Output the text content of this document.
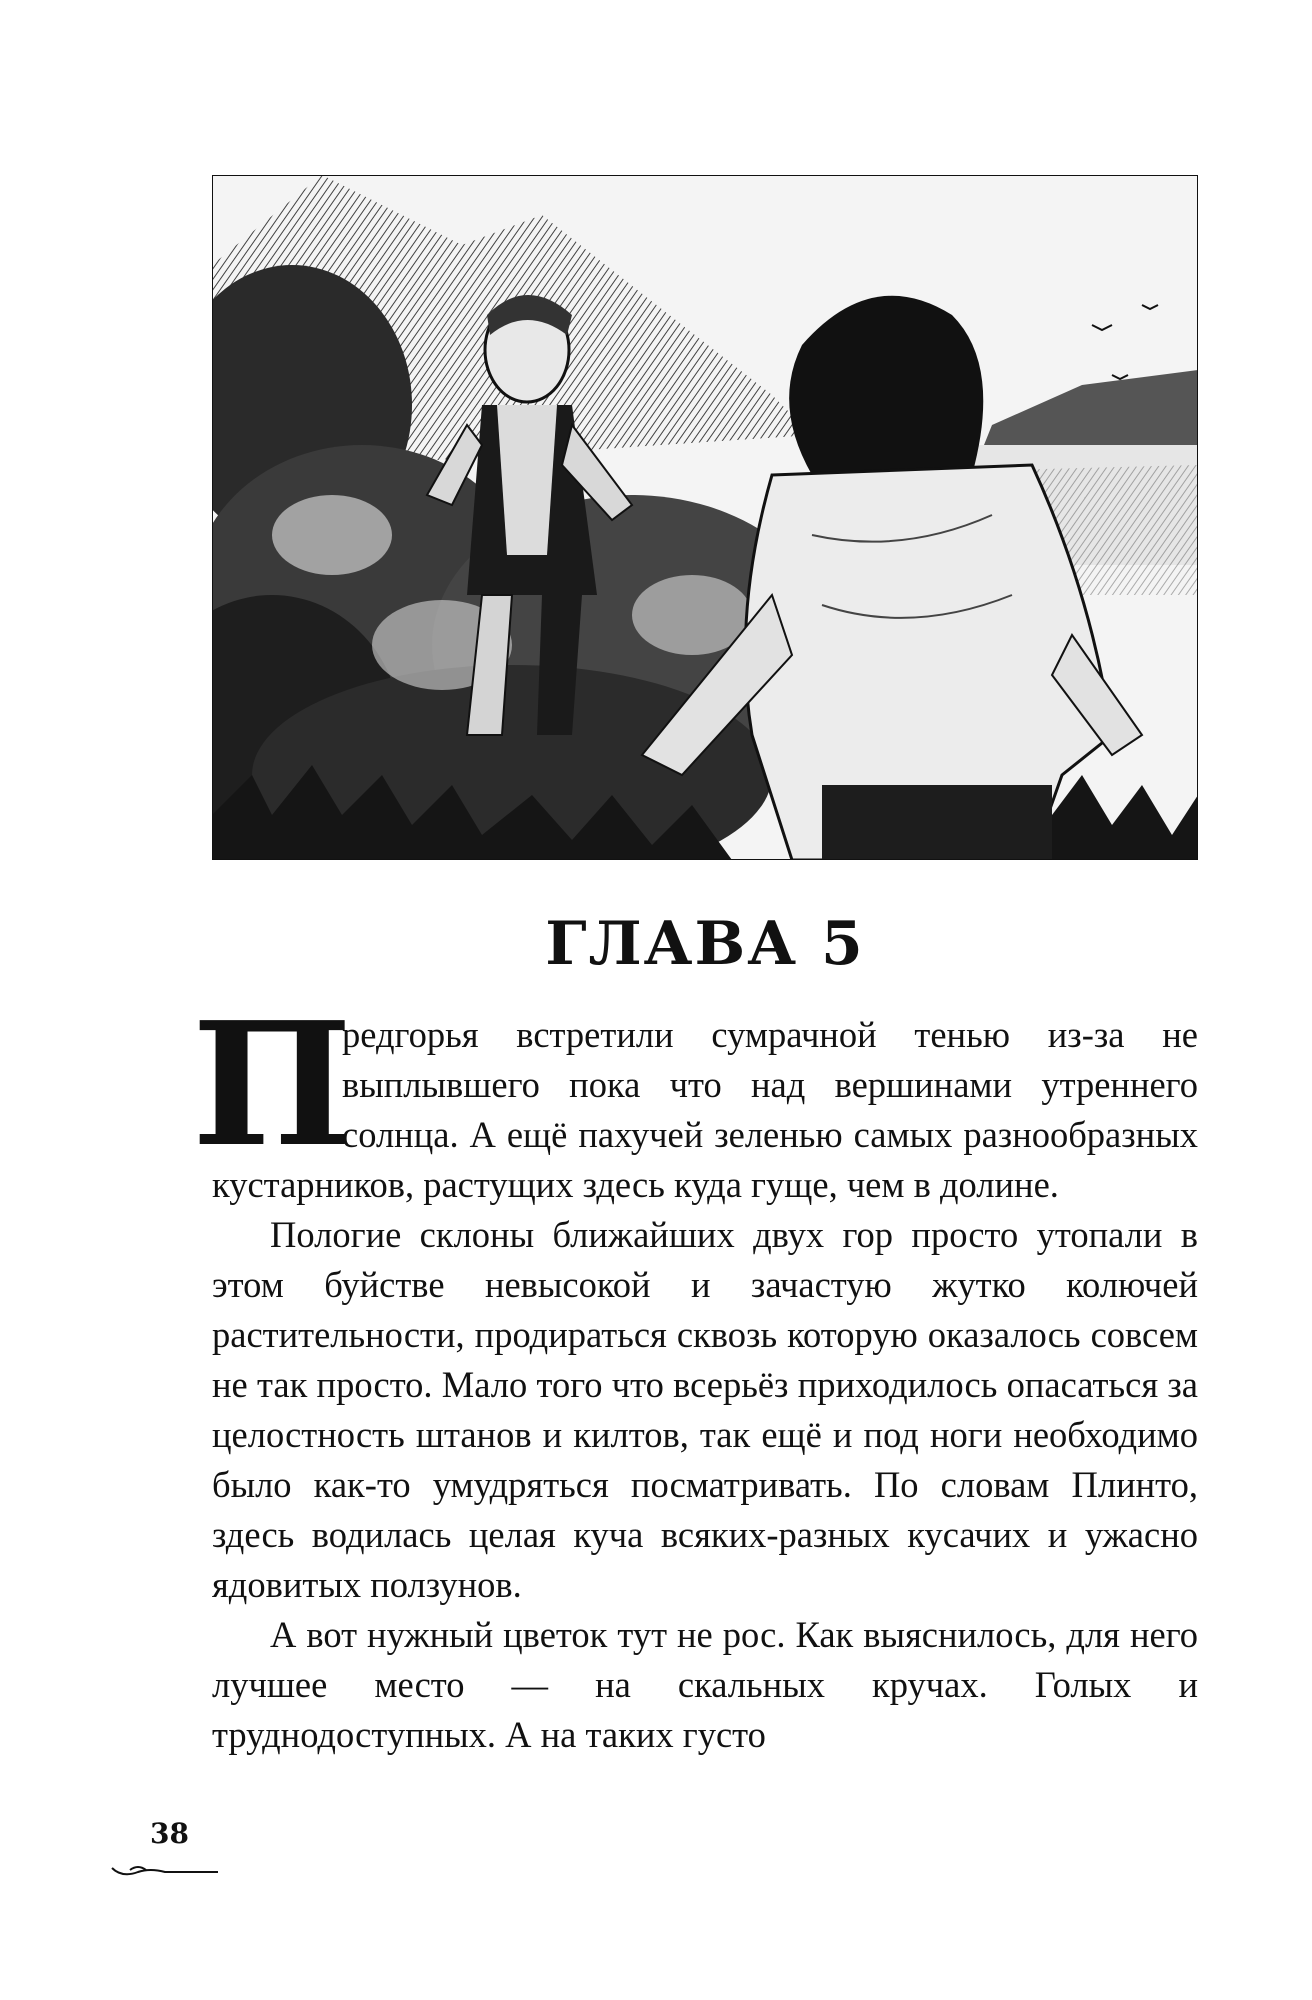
ГЛАВА 5

П
редгорья встретили сумрачной тенью из-за не выплывшего пока что над вершинами утреннего солнца. А ещё пахучей зеленью самых разнообразных кустарников, растущих здесь куда гуще, чем в долине.

Пологие склоны ближайших двух гор просто утопали в этом буйстве невысокой и зачастую жутко колючей растительности, продираться сквозь которую оказалось совсем не так просто. Мало того что всерьёз приходилось опасаться за целостность штанов и килтов, так ещё и под ноги необходимо было как-то умудряться посматривать. По словам Плинто, здесь водилась целая куча всяких-разных кусачих и ужасно ядовитых ползунов.

А вот нужный цветок тут не рос. Как выяснилось, для него лучшее место — на скальных кручах. Голых и труднодоступных. А на таких густо

38
